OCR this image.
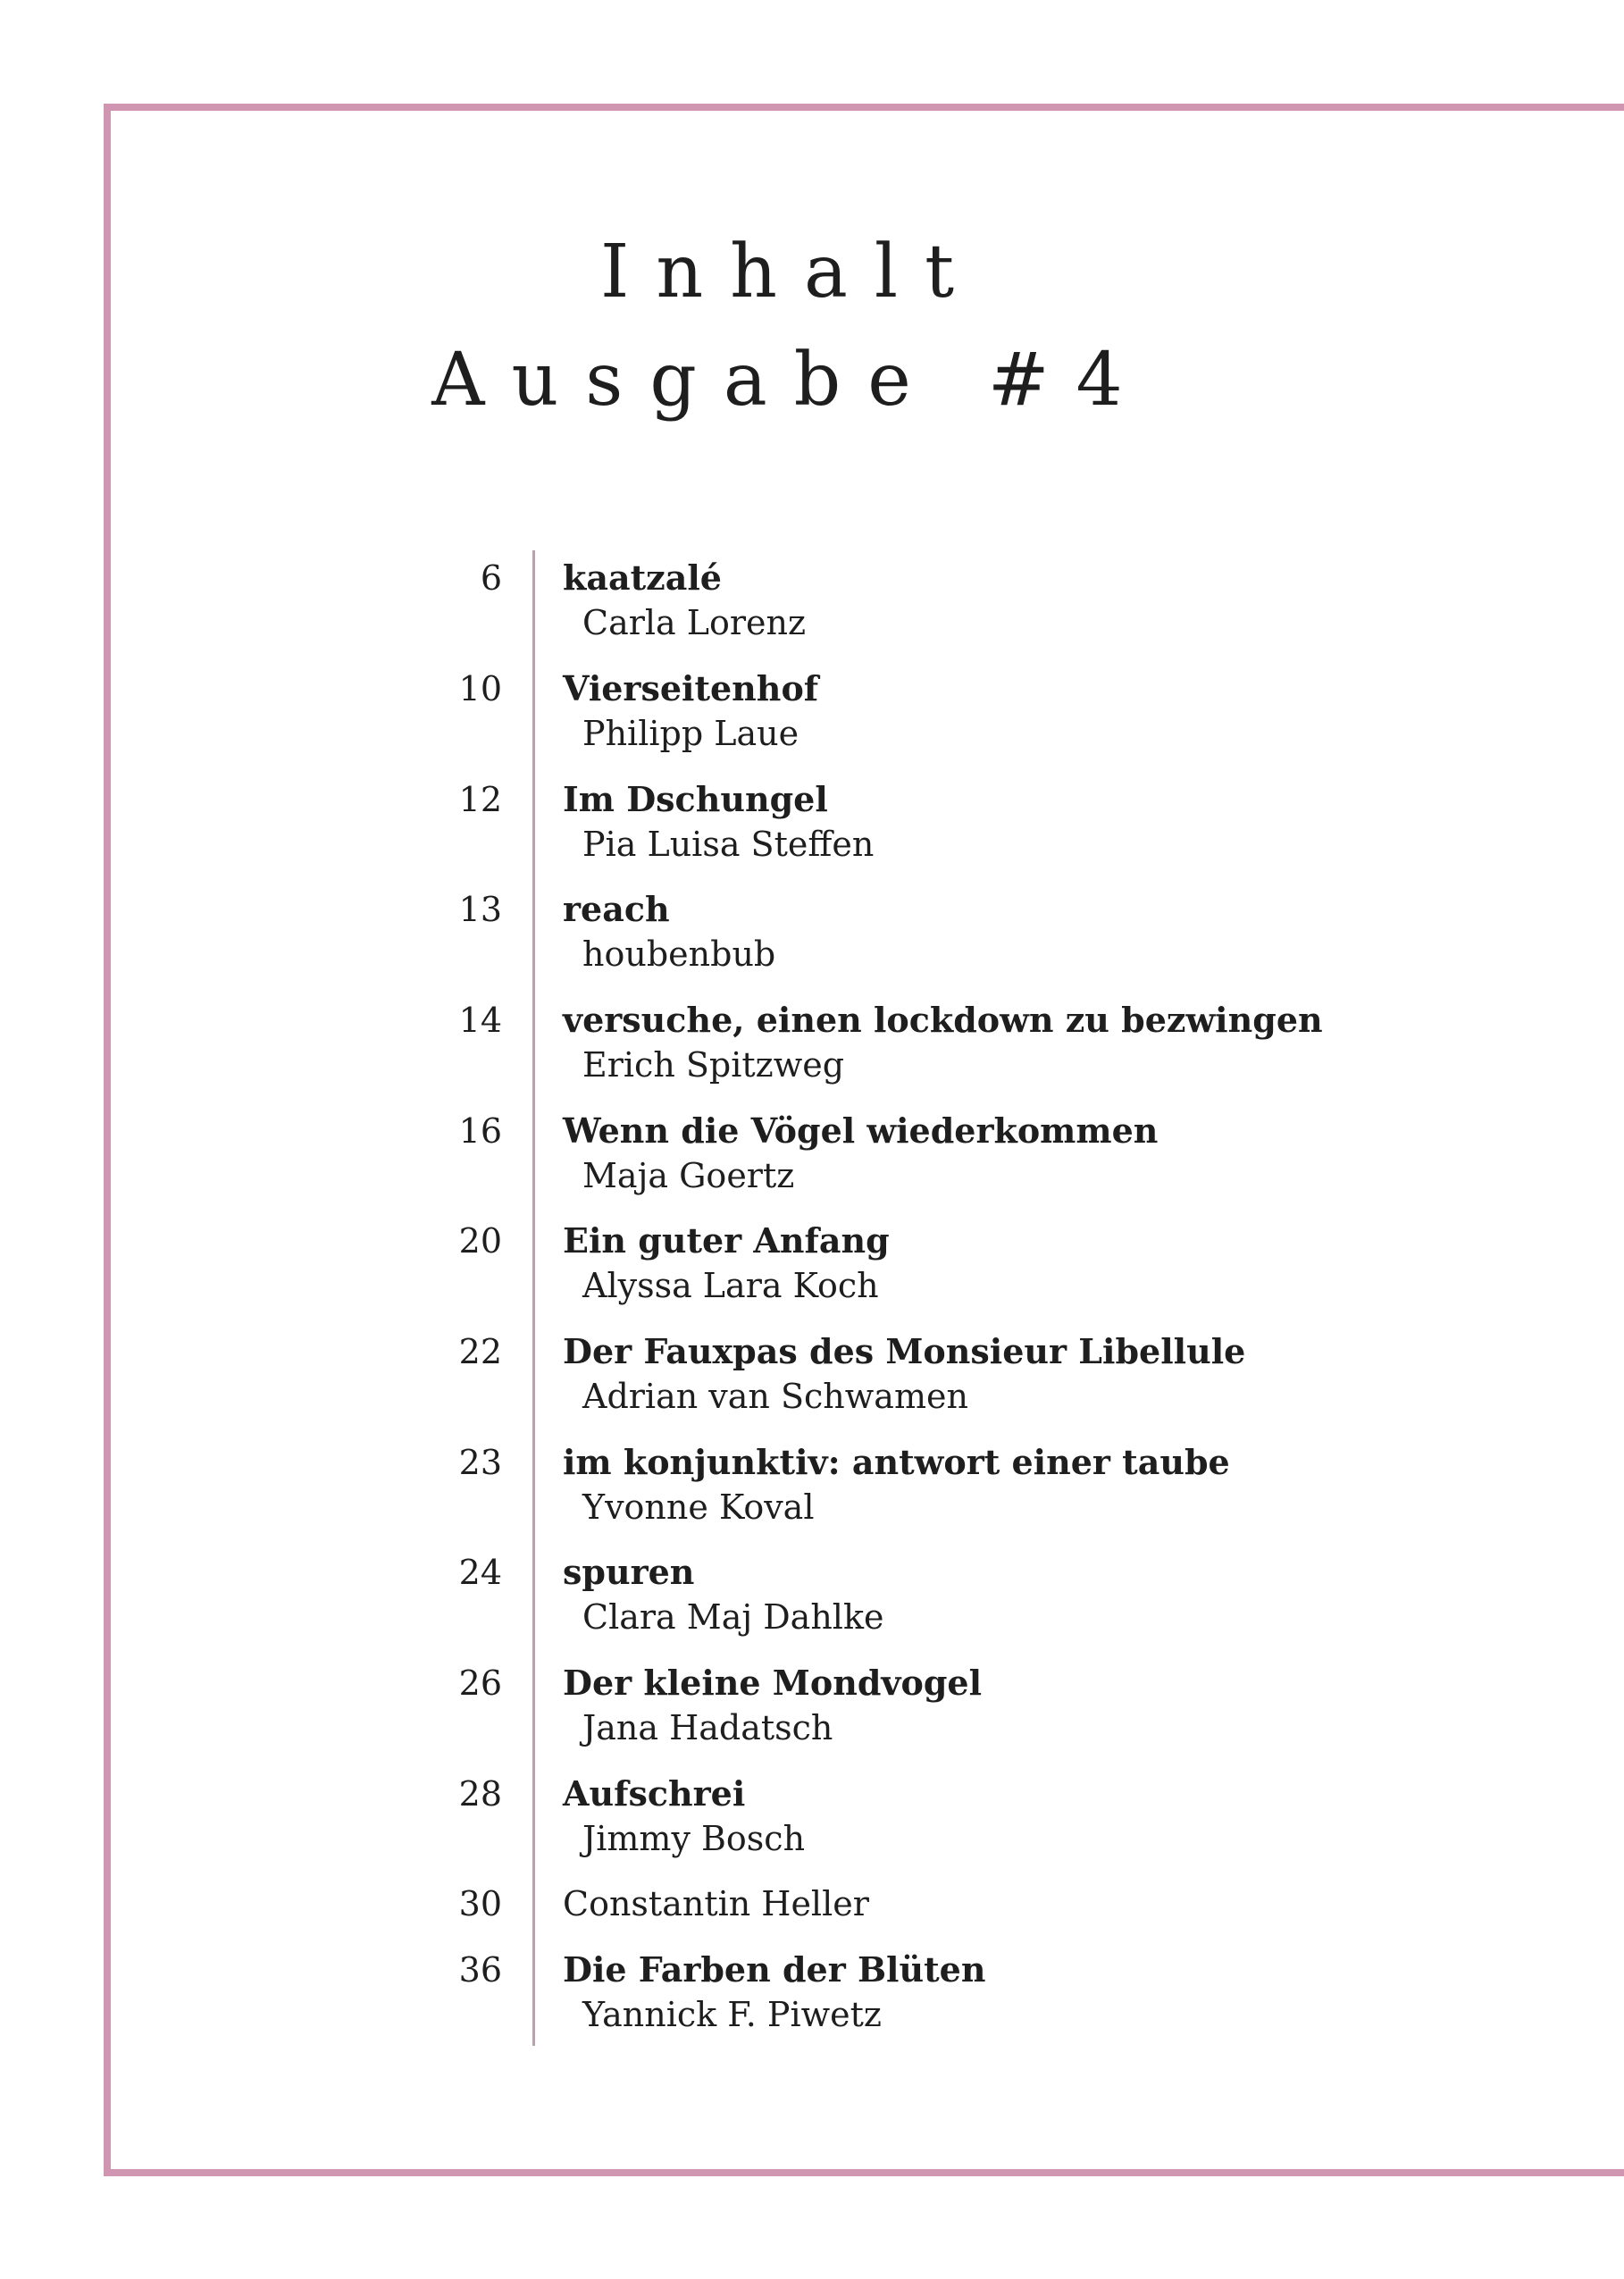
Inhalt
Ausgabe #4
6 kaatzalé
Carla Lorenz
10 Vierseitenhof
Philipp Laue
12 Im Dschungel
Pia Luisa Steffen
13 reach
houbenbub
14 versuche, einen lockdown zu bezwingen
Erich Spitzweg
16 Wenn die Vögel wiederkommen
Maja Goertz
20 Ein guter Anfang
Alyssa Lara Koch
22 Der Fauxpas des Monsieur Libellule
Adrian van Schwamen
23 im konjunktiv: antwort einer taube
Yvonne Koval
24 spuren
Clara Maj Dahlke
26 Der kleine Mondvogel
Jana Hadatsch
28 Aufschrei
Jimmy Bosch
30 Constantin Heller
36 Die Farben der Blüten
Yannick F. Piwetz
